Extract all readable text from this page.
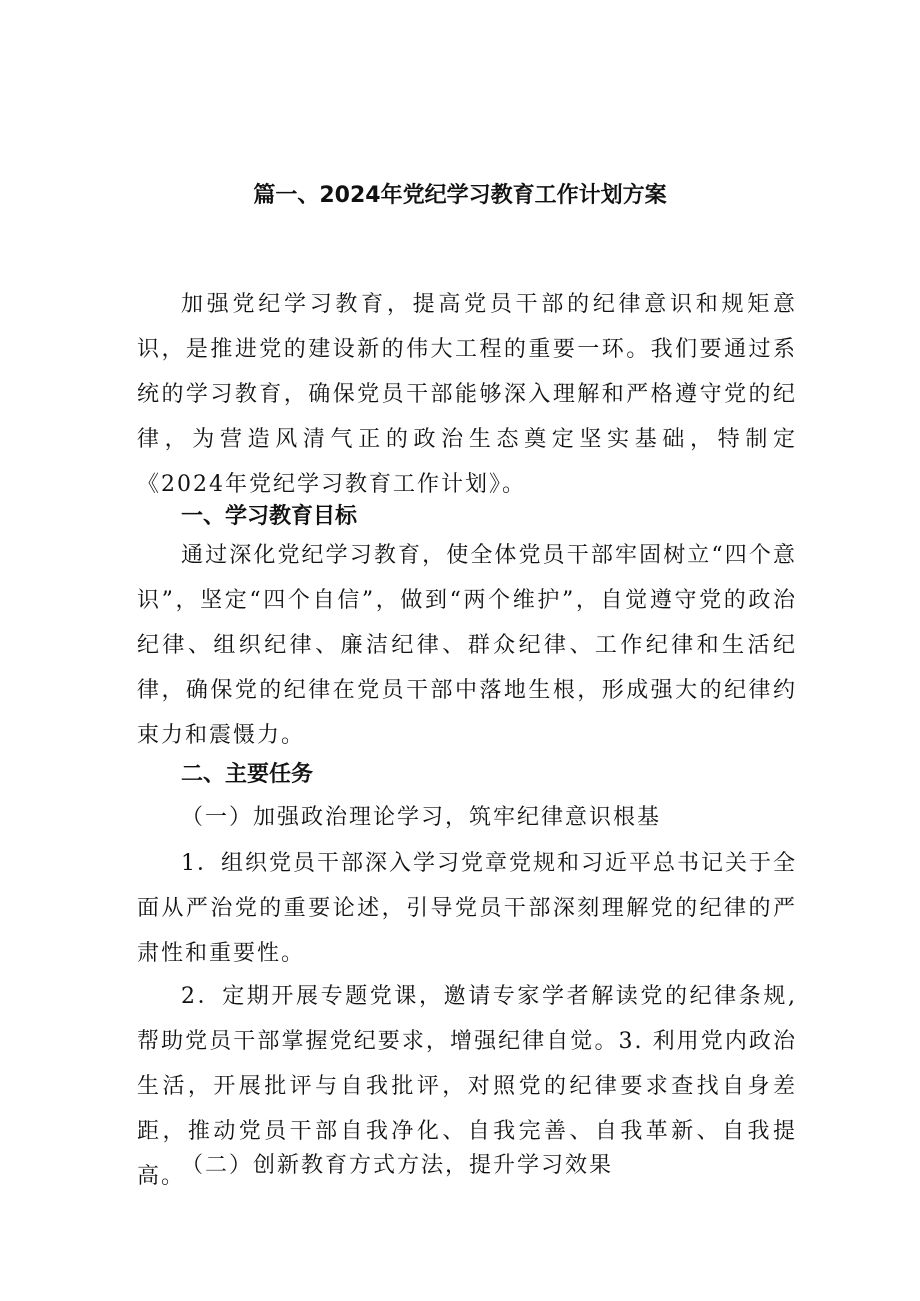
篇一、2024年党纪学习教育工作计划方案

加强党纪学习教育，提高党员干部的纪律意识和规矩意识，是推进党的建设新的伟大工程的重要一环。我们要通过系统的学习教育，确保党员干部能够深入理解和严格遵守党的纪律，为营造风清气正的政治生态奠定坚实基础，特制定《2024年党纪学习教育工作计划》。

一、学习教育目标

通过深化党纪学习教育，使全体党员干部牢固树立“四个意识”，坚定“四个自信”，做到“两个维护”，自觉遵守党的政治纪律、组织纪律、廉洁纪律、群众纪律、工作纪律和生活纪律，确保党的纪律在党员干部中落地生根，形成强大的纪律约束力和震慑力。

二、主要任务

（一）加强政治理论学习，筑牢纪律意识根基

1．组织党员干部深入学习党章党规和习近平总书记关于全面从严治党的重要论述，引导党员干部深刻理解党的纪律的严肃性和重要性。

2．定期开展专题党课，邀请专家学者解读党的纪律条规,帮助党员干部掌握党纪要求，增强纪律自觉。3. 利用党内政治生活，开展批评与自我批评，对照党的纪律要求查找自身差距，推动党员干部自我净化、自我完善、自我革新、自我提高。

（二）创新教育方式方法，提升学习效果
